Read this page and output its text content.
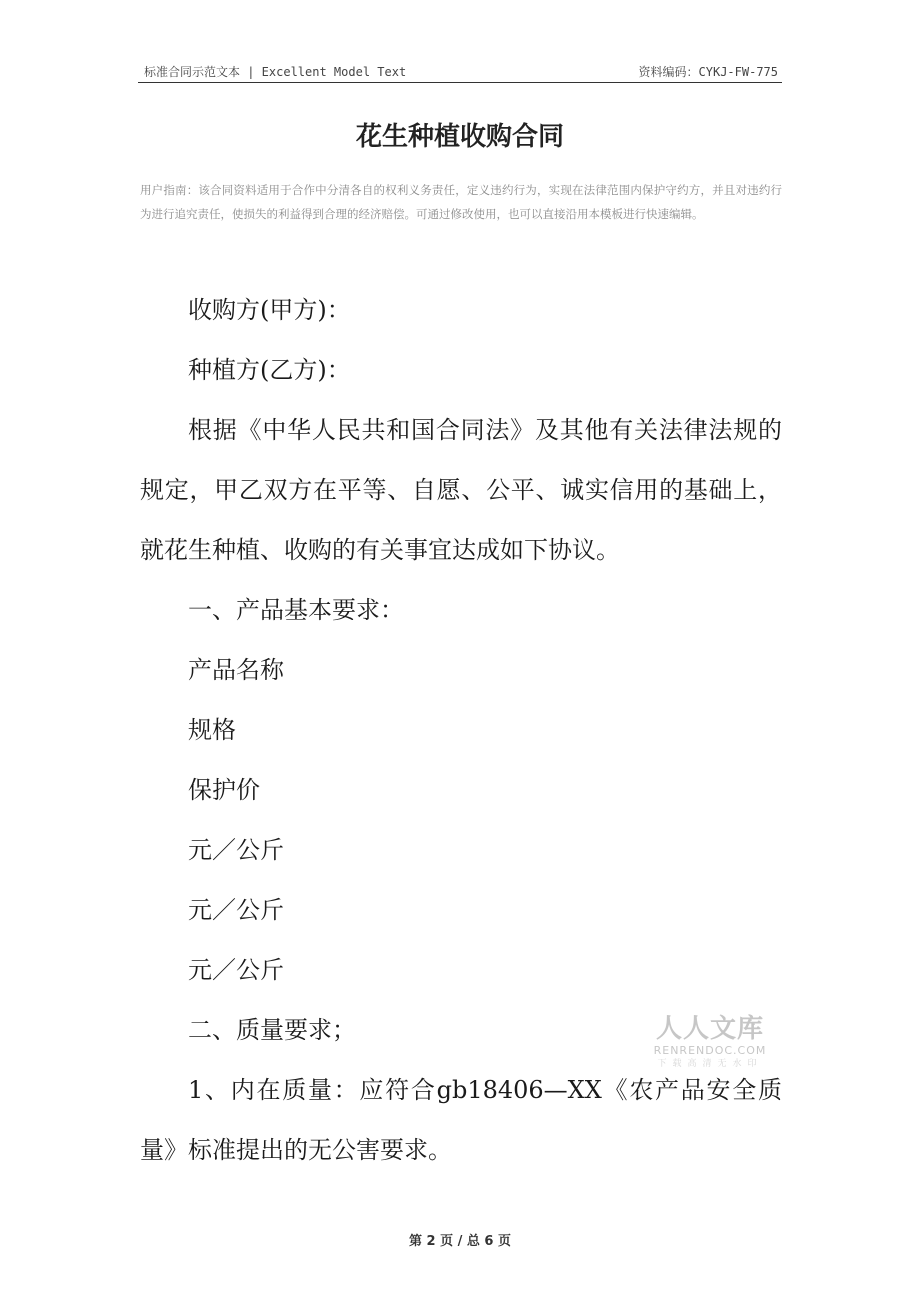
标准合同示范文本 | Excellent Model Text	资料编码：CYKJ-FW-775
花生种植收购合同
用户指南：该合同资料适用于合作中分清各自的权利义务责任，定义违约行为，实现在法律范围内保护守约方，并且对违约行为进行追究责任，使损失的利益得到合理的经济赔偿。可通过修改使用，也可以直接沿用本模板进行快速编辑。

收购方(甲方)：

种植方(乙方)：

根据《中华人民共和国合同法》及其他有关法律法规的规定，甲乙双方在平等、自愿、公平、诚实信用的基础上，就花生种植、收购的有关事宜达成如下协议。

一、产品基本要求：

产品名称

规格

保护价

元／公斤

元／公斤

元／公斤

二、质量要求；

1、内在质量：应符合gb18406—XX《农产品安全质量》标准提出的无公害要求。

人人文库
RENRENDOC.COM
下载高清无水印
第 2 页 / 总 6 页
